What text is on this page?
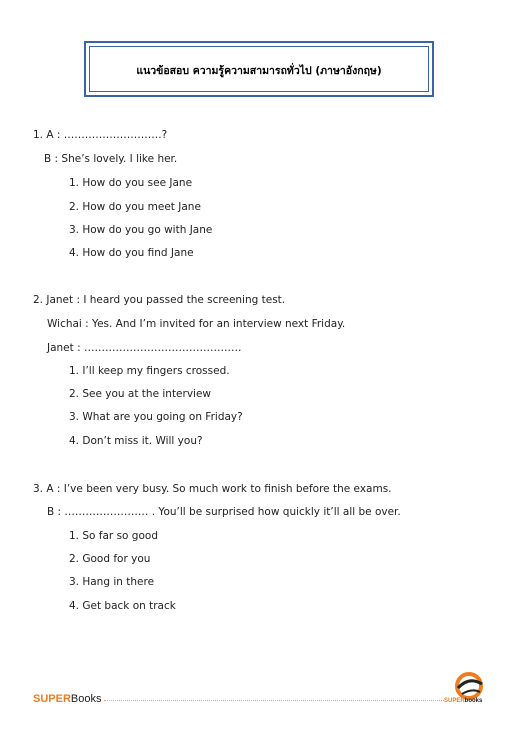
แนวข้อสอบ ความรู้ความสามารถทั่วไป (ภาษาอังกฤษ)
1. A : ……………………….?
B : She’s lovely. I like her.
1. How do you see Jane
2. How do you meet Jane
3. How do you go with Jane
4. How do you find Jane
2. Janet : I heard you passed the screening test.
Wichai : Yes. And I’m invited for an interview next Friday.
Janet : ………………………………………
1. I’ll keep my fingers crossed.
2. See you at the interview
3. What are you going on Friday?
4. Don’t miss it. Will you?
3. A : I’ve been very busy. So much work to finish before the exams.
B : …………………… . You’ll be surprised how quickly it’ll all be over.
1. So far so good
2. Good for you
3. Hang in there
4. Get back on track
SUPERBooks	SUPERbooks
